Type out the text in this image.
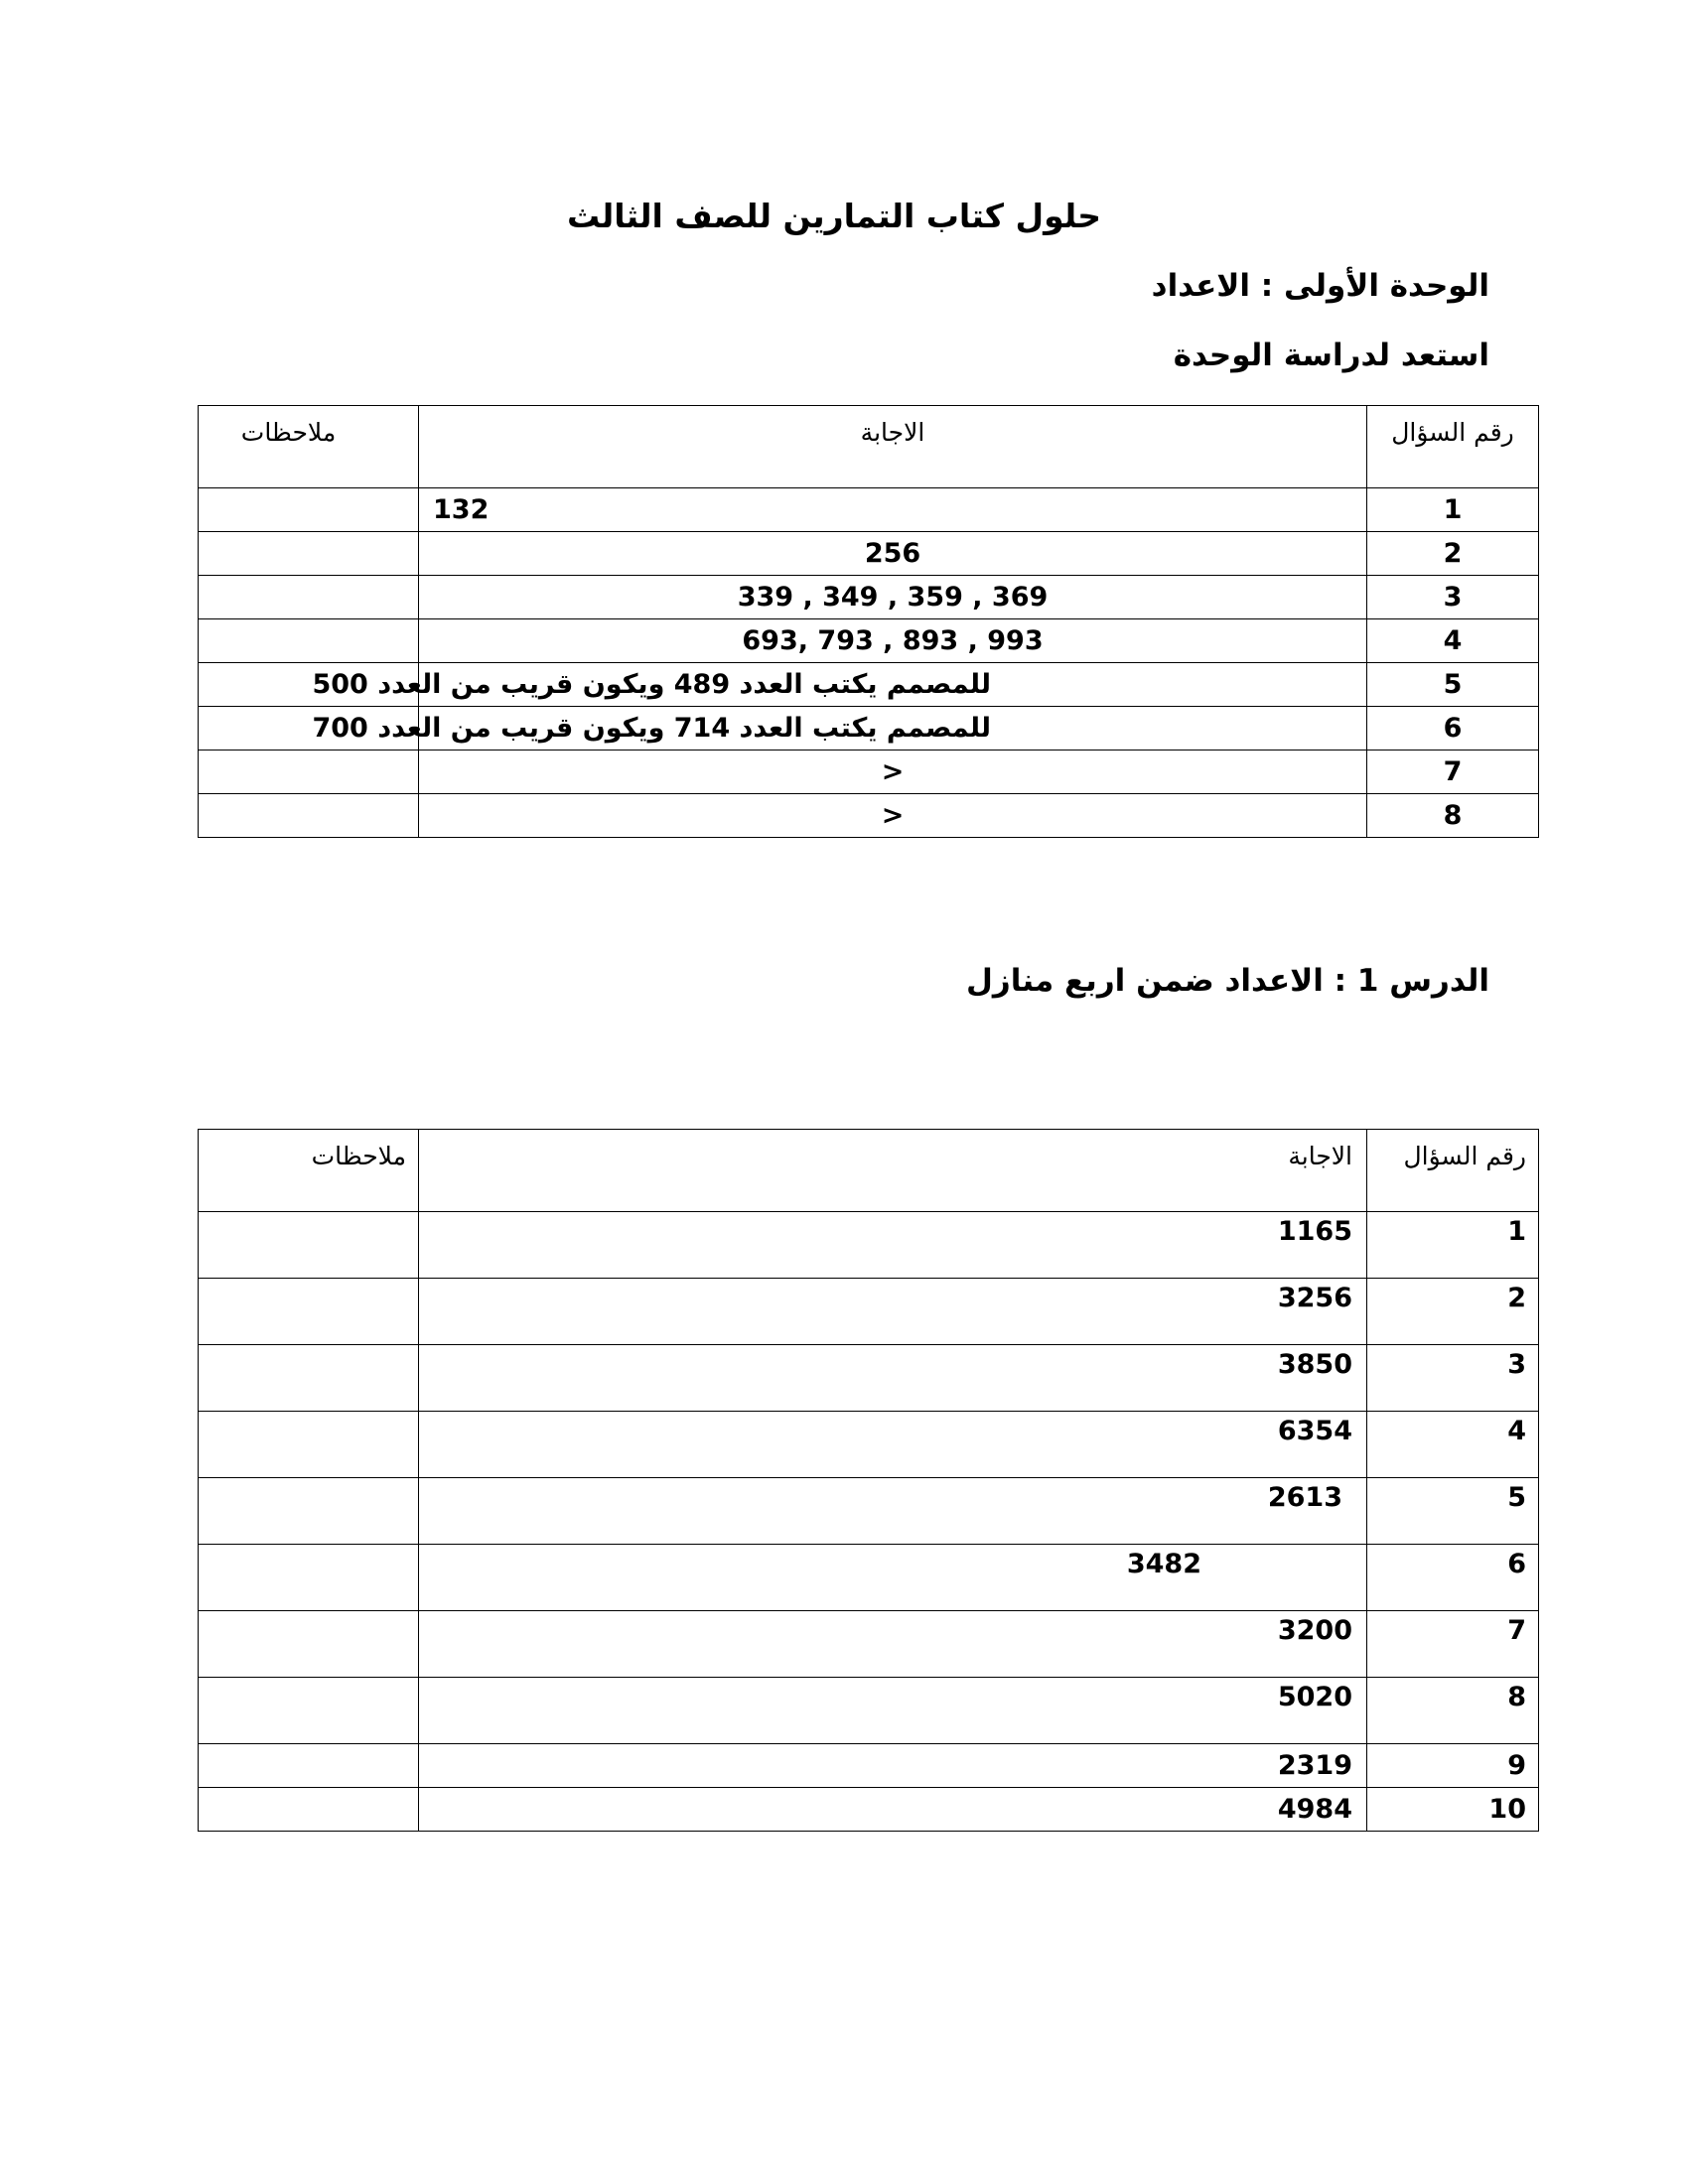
حلول كتاب التمارين للصف الثالث
الوحدة الأولى : الاعداد
استعد لدراسة الوحدة
ملاحظات	الاجابة	رقم السؤال
	132	1
	256	2
	339 , 349 , 359 , 369	3
	693, 793 , 893 , 993	4
	للمصمم يكتب العدد 489 ويكون قريب من العدد 500	5
	للمصمم يكتب العدد 714 ويكون قريب من العدد 700	6
	>	7
	>	8
الدرس 1 : الاعداد ضمن اربع منازل
ملاحظات	الاجابة	رقم السؤال
	1165	1
	3256	2
	3850	3
	6354	4
	2613	5
	3482	6
	3200	7
	5020	8
	2319	9
	4984	10
